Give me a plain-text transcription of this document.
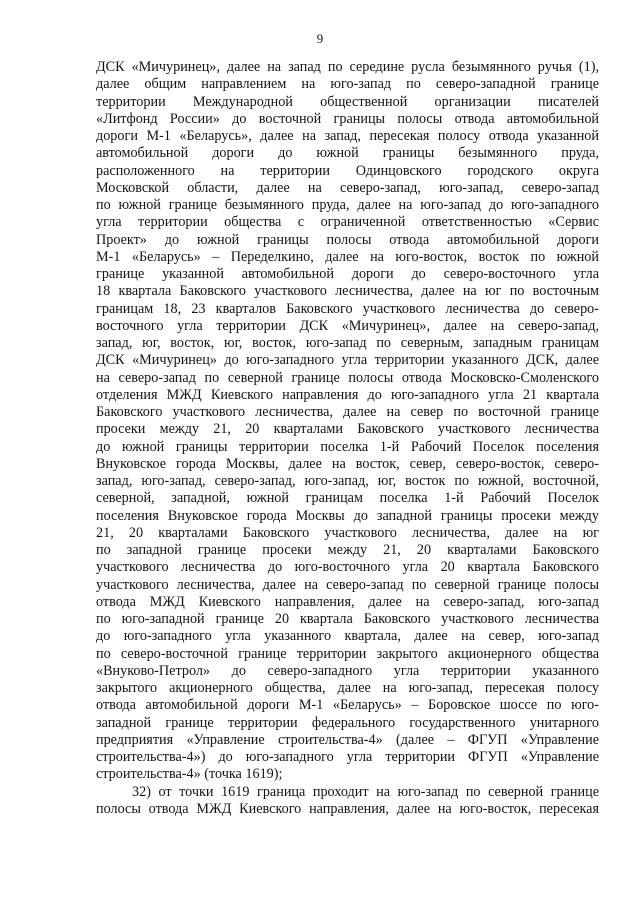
9
ДСК «Мичуринец», далее на запад по середине русла безымянного ручья (1),
далее общим направлением на юго-запад по северо-западной границе
территории Международной общественной организации писателей
«Литфонд России» до восточной границы полосы отвода автомобильной
дороги М-1 «Беларусь», далее на запад, пересекая полосу отвода указанной
автомобильной дороги до южной границы безымянного пруда,
расположенного на территории Одинцовского городского округа
Московской области, далее на северо-запад, юго-запад, северо-запад
по южной границе безымянного пруда, далее на юго-запад до юго-западного
угла территории общества с ограниченной ответственностью «Сервис
Проект» до южной границы полосы отвода автомобильной дороги
М-1 «Беларусь» – Переделкино, далее на юго-восток, восток по южной
границе указанной автомобильной дороги до северо-восточного угла
18 квартала Баковского участкового лесничества, далее на юг по восточным
границам 18, 23 кварталов Баковского участкового лесничества до северо-
восточного угла территории ДСК «Мичуринец», далее на северо-запад,
запад, юг, восток, юг, восток, юго-запад по северным, западным границам
ДСК «Мичуринец» до юго-западного угла территории указанного ДСК, далее
на северо-запад по северной границе полосы отвода Московско-Смоленского
отделения МЖД Киевского направления до юго-западного угла 21 квартала
Баковского участкового лесничества, далее на север по восточной границе
просеки между 21, 20 кварталами Баковского участкового лесничества
до южной границы территории поселка 1-й Рабочий Поселок поселения
Внуковское города Москвы, далее на восток, север, северо-восток, северо-
запад, юго-запад, северо-запад, юго-запад, юг, восток по южной, восточной,
северной, западной, южной границам поселка 1-й Рабочий Поселок
поселения Внуковское города Москвы до западной границы просеки между
21, 20 кварталами Баковского участкового лесничества, далее на юг
по западной границе просеки между 21, 20 кварталами Баковского
участкового лесничества до юго-восточного угла 20 квартала Баковского
участкового лесничества, далее на северо-запад по северной границе полосы
отвода МЖД Киевского направления, далее на северо-запад, юго-запад
по юго-западной границе 20 квартала Баковского участкового лесничества
до юго-западного угла указанного квартала, далее на север, юго-запад
по северо-восточной границе территории закрытого акционерного общества
«Внуково-Петрол» до северо-западного угла территории указанного
закрытого акционерного общества, далее на юго-запад, пересекая полосу
отвода автомобильной дороги М-1 «Беларусь» – Боровское шоссе по юго-
западной границе территории федерального государственного унитарного
предприятия «Управление строительства-4» (далее – ФГУП «Управление
строительства-4») до юго-западного угла территории ФГУП «Управление
строительства-4» (точка 1619);
32) от точки 1619 граница проходит на юго-запад по северной границе
полосы отвода МЖД Киевского направления, далее на юго-восток, пересекая
